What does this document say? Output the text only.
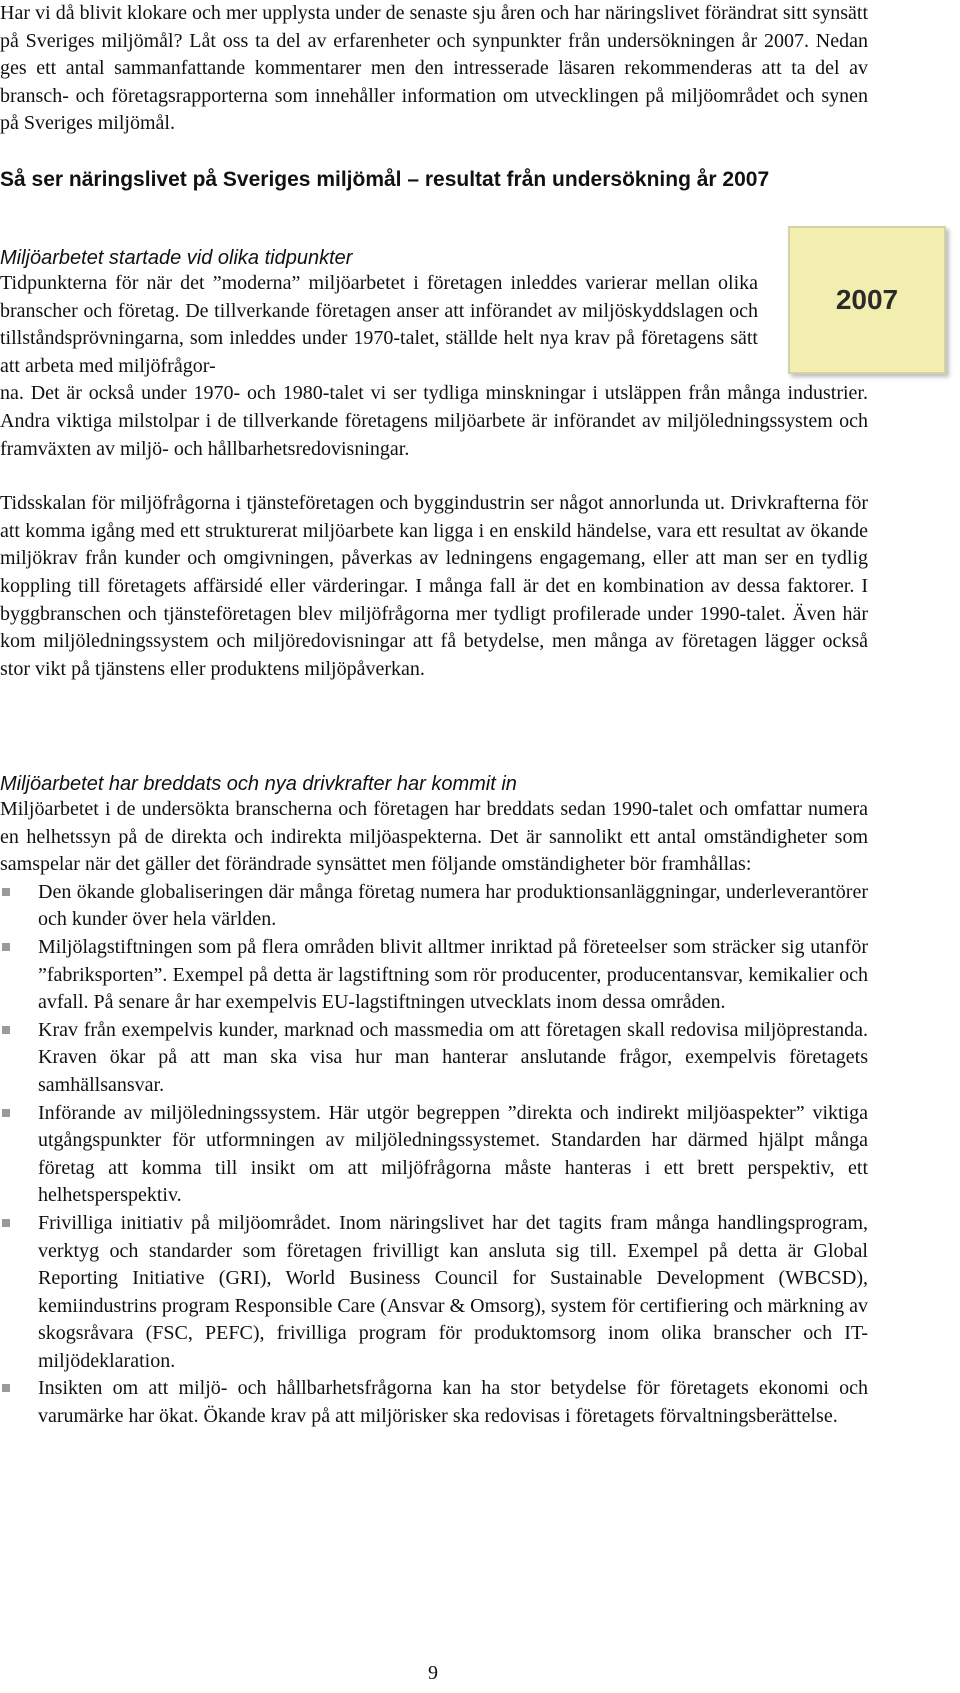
Har vi då blivit klokare och mer upplysta under de senaste sju åren och har näringslivet förändrat sitt synsätt på Sveriges miljömål? Låt oss ta del av erfarenheter och synpunkter från undersökningen år 2007. Nedan ges ett antal sammanfattande kommentarer men den intresserade läsaren rekommenderas att ta del av bransch- och företagsrapporterna som innehåller information om utvecklingen på miljöområdet och synen på Sveriges miljömål.
Så ser näringslivet på Sveriges miljömål – resultat från undersökning år 2007
Miljöarbetet startade vid olika tidpunkter

Tidpunkterna för när det ”moderna” miljöarbetet i företagen inleddes varierar mellan olika branscher och företag. De tillverkande företagen anser att införandet av miljöskyddslagen och tillståndsprövningarna, som inleddes under 1970-talet, ställde helt nya krav på företagens sätt att arbeta med miljöfrågor-

na. Det är också under 1970- och 1980-talet vi ser tydliga minskningar i utsläppen från många industrier. Andra viktiga milstolpar i de tillverkande företagens miljöarbete är införandet av miljöledningssystem och framväxten av miljö- och hållbarhetsredovisningar.

Tidsskalan för miljöfrågorna i tjänsteföretagen och byggindustrin ser något annorlunda ut. Drivkrafterna för att komma igång med ett strukturerat miljöarbete kan ligga i en enskild händelse, vara ett resultat av ökande miljökrav från kunder och omgivningen, påverkas av ledningens engagemang, eller att man ser en tydlig koppling till företagets affärsidé eller värderingar. I många fall är det en kombination av dessa faktorer. I byggbranschen och tjänsteföretagen blev miljöfrågorna mer tydligt profilerade under 1990-talet. Även här kom miljöledningssystem och miljöredovisningar att få betydelse, men många av företagen lägger också stor vikt på tjänstens eller produktens miljöpåverkan.

2007
Miljöarbetet har breddats och nya drivkrafter har kommit in

Miljöarbetet i de undersökta branscherna och företagen har breddats sedan 1990-talet och omfattar numera en helhetssyn på de direkta och indirekta miljöaspekterna. Det är sannolikt ett antal omständigheter som samspelar när det gäller det förändrade synsättet men följande omständigheter bör framhållas:

Den ökande globaliseringen där många företag numera har produktionsanläggningar, underleverantörer och kunder över hela världen.
Miljölagstiftningen som på flera områden blivit alltmer inriktad på företeelser som sträcker sig utanför ”fabriksporten”. Exempel på detta är lagstiftning som rör producenter, producentansvar, kemikalier och avfall. På senare år har exempelvis EU-lagstiftningen utvecklats inom dessa områden.
Krav från exempelvis kunder, marknad och massmedia om att företagen skall redovisa miljöprestanda. Kraven ökar på att man ska visa hur man hanterar anslutande frågor, exempelvis företagets samhällsansvar.
Införande av miljöledningssystem. Här utgör begreppen ”direkta och indirekt miljöaspekter” viktiga utgångspunkter för utformningen av miljöledningssystemet. Standarden har därmed hjälpt många företag att komma till insikt om att miljöfrågorna måste hanteras i ett brett perspektiv, ett helhetsperspektiv.
Frivilliga initiativ på miljöområdet. Inom näringslivet har det tagits fram många handlingsprogram, verktyg och standarder som företagen frivilligt kan ansluta sig till. Exempel på detta är Global Reporting Initiative (GRI), World Business Council for Sustainable Development (WBCSD), kemiindustrins program Responsible Care (Ansvar & Omsorg), system för certifiering och märkning av skogsråvara (FSC, PEFC), frivilliga program för produktomsorg inom olika branscher och IT-miljödeklaration.
Insikten om att miljö- och hållbarhetsfrågorna kan ha stor betydelse för företagets ekonomi och varumärke har ökat. Ökande krav på att miljörisker ska redovisas i företagets förvaltningsberättelse.
9
